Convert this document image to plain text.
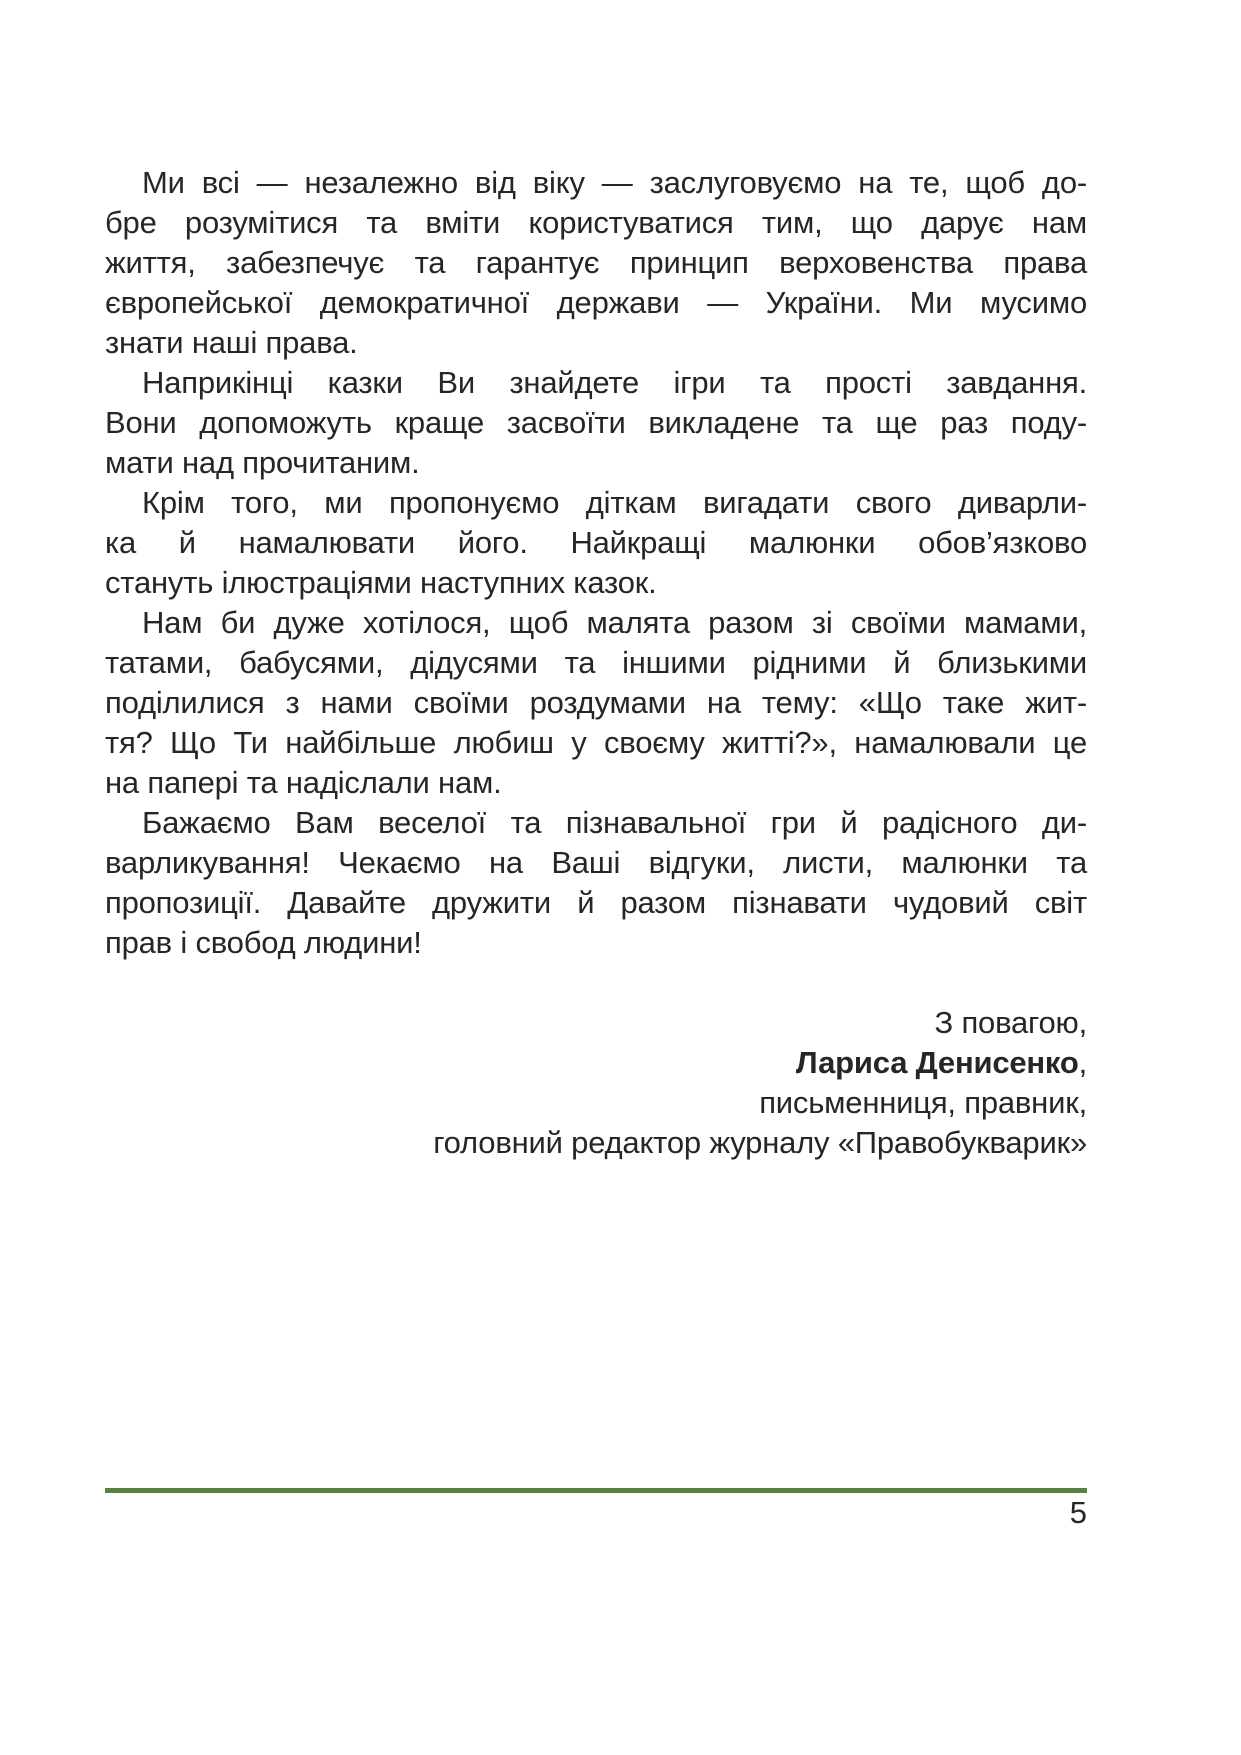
Ми всі — незалежно від віку — заслуговуємо на те, щоб до-
бре розумітися та вміти користуватися тим, що дарує нам
життя, забезпечує та гарантує принцип верховенства права
європейської демократичної держави — України. Ми мусимо
знати наші права.
Наприкінці казки Ви знайдете ігри та прості завдання.
Вони допоможуть краще засвоїти викладене та ще раз поду-
мати над прочитаним.
Крім того, ми пропонуємо діткам вигадати свого диварли-
ка й намалювати його. Найкращі малюнки обов’язково
стануть ілюстраціями наступних казок.
Нам би дуже хотілося, щоб малята разом зі своїми мамами,
татами, бабусями, дідусями та іншими рідними й близькими
поділилися з нами своїми роздумами на тему: «Що таке жит-
тя? Що Ти найбільше любиш у своєму житті?», намалювали це
на папері та надіслали нам.
Бажаємо Вам веселої та пізнавальної гри й радісного ди-
варликування! Чекаємо на Ваші відгуки, листи, малюнки та
пропозиції. Давайте дружити й разом пізнавати чудовий світ
прав і свобод людини!
З повагою,
Лариса Денисенко,
письменниця, правник,
головний редактор журналу «Правобукварик»
5
